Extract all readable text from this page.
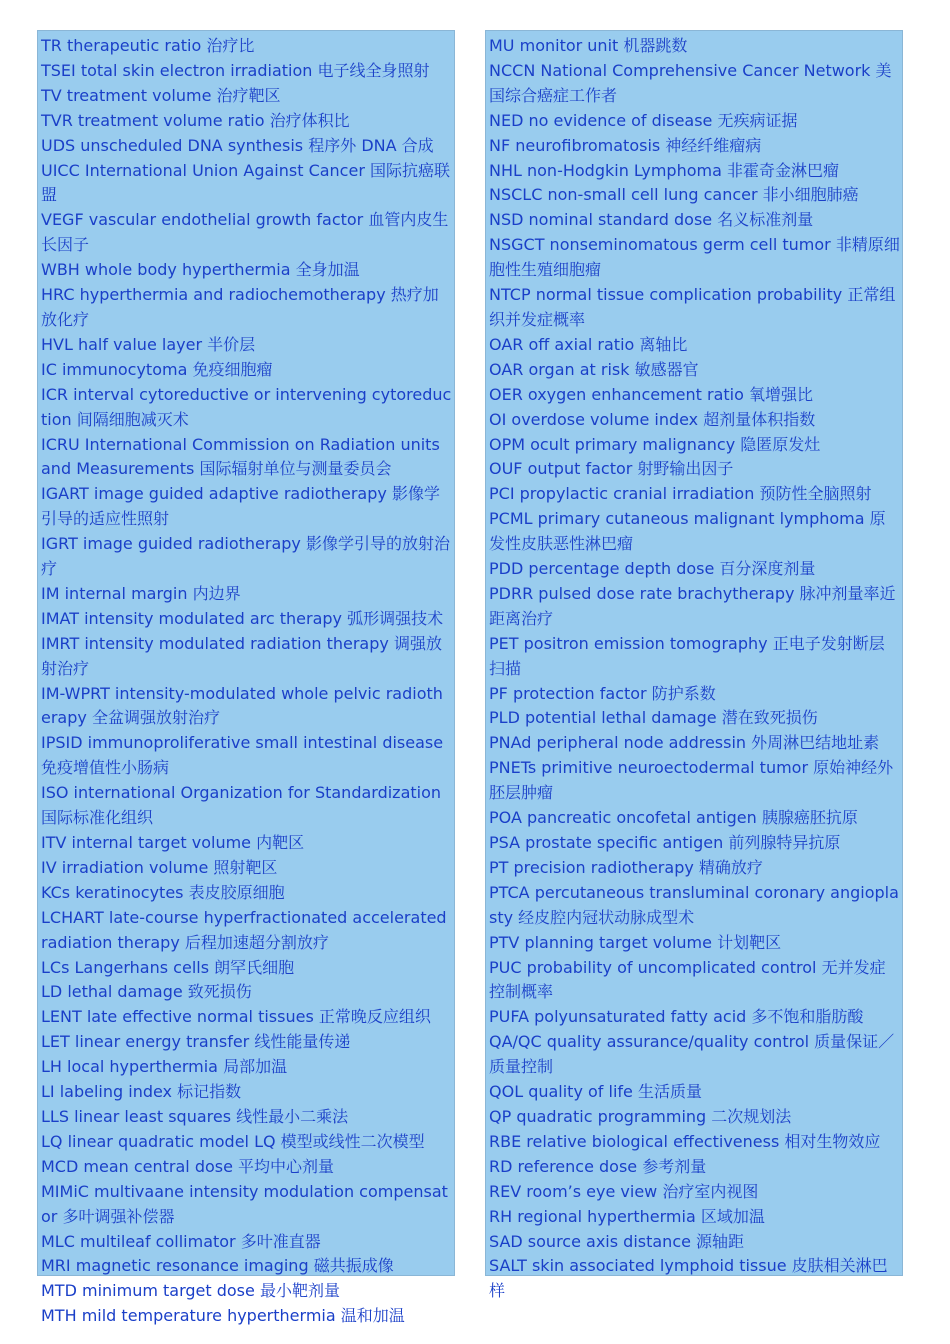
TR therapeutic ratio 治疗比
TSEI total skin electron irradiation 电子线全身照射
TV treatment volume 治疗靶区
TVR treatment volume ratio 治疗体积比
UDS unscheduled DNA synthesis 程序外 DNA 合成
UICC International Union Against Cancer 国际抗癌联盟
VEGF vascular endothelial growth factor 血管内皮生长因子
WBH whole body hyperthermia 全身加温
HRC hyperthermia and radiochemotherapy 热疗加放化疗
HVL half value layer 半价层
IC immunocytoma 免疫细胞瘤
ICR interval cytoreductive or intervening cytoreduction 间隔细胞减灭术
ICRU International Commission on Radiation units and Measurements 国际辐射单位与测量委员会
IGART image guided adaptive radiotherapy 影像学引导的适应性照射
IGRT image guided radiotherapy 影像学引导的放射治疗
IM internal margin 内边界
IMAT intensity modulated arc therapy 弧形调强技术
IMRT intensity modulated radiation therapy 调强放射治疗
IM-WPRT intensity-modulated whole pelvic radiotherapy 全盆调强放射治疗
IPSID immunoproliferative small intestinal disease 免疫增值性小肠病
ISO international Organization for Standardization 国际标准化组织
ITV internal target volume 内靶区
IV irradiation volume 照射靶区
KCs keratinocytes 表皮胶原细胞
LCHART late-course hyperfractionated accelerated radiation therapy 后程加速超分割放疗
LCs Langerhans cells 朗罕氏细胞
LD lethal damage 致死损伤
LENT late effective normal tissues 正常晚反应组织
LET linear energy transfer 线性能量传递
LH local hyperthermia 局部加温
LI labeling index 标记指数
LLS linear least squares 线性最小二乘法
LQ linear quadratic model LQ 模型或线性二次模型
MCD mean central dose 平均中心剂量
MIMiC multivaane intensity modulation compensator 多叶调强补偿器
MLC multileaf collimator 多叶准直器
MRI magnetic resonance imaging 磁共振成像
MTD minimum target dose 最小靶剂量
MTH mild temperature hyperthermia 温和加温
MU monitor unit 机器跳数
NCCN National Comprehensive Cancer Network 美国综合癌症工作者
NED no evidence of disease 无疾病证据
NF neurofibromatosis 神经纤维瘤病
NHL non-Hodgkin Lymphoma 非霍奇金淋巴瘤
NSCLC non-small cell lung cancer 非小细胞肺癌
NSD nominal standard dose 名义标准剂量
NSGCT nonseminomatous germ cell tumor 非精原细胞性生殖细胞瘤
NTCP normal tissue complication probability 正常组织并发症概率
OAR off axial ratio 离轴比
OAR organ at risk 敏感器官
OER oxygen enhancement ratio 氧增强比
OI overdose volume index 超剂量体积指数
OPM ocult primary malignancy 隐匿原发灶
OUF output factor 射野输出因子
PCI propylactic cranial irradiation 预防性全脑照射
PCML primary cutaneous malignant lymphoma 原发性皮肤恶性淋巴瘤
PDD percentage depth dose 百分深度剂量
PDRR pulsed dose rate brachytherapy 脉冲剂量率近距离治疗
PET positron emission tomography 正电子发射断层扫描
PF protection factor 防护系数
PLD potential lethal damage 潜在致死损伤
PNAd peripheral node addressin 外周淋巴结地址素
PNETs primitive neuroectodermal tumor 原始神经外胚层肿瘤
POA pancreatic oncofetal antigen 胰腺癌胚抗原
PSA prostate specific antigen 前列腺特异抗原
PT precision radiotherapy 精确放疗
PTCA percutaneous transluminal coronary angioplasty 经皮腔内冠状动脉成型术
PTV planning target volume 计划靶区
PUC probability of uncomplicated control 无并发症控制概率
PUFA polyunsaturated fatty acid 多不饱和脂肪酸
QA/QC quality assurance/quality control 质量保证／质量控制
QOL quality of life 生活质量
QP quadratic programming 二次规划法
RBE relative biological effectiveness 相对生物效应
RD reference dose 参考剂量
REV room’s eye view 治疗室内视图
RH regional hyperthermia 区域加温
SAD source axis distance 源轴距
SALT skin associated lymphoid tissue 皮肤相关淋巴样
